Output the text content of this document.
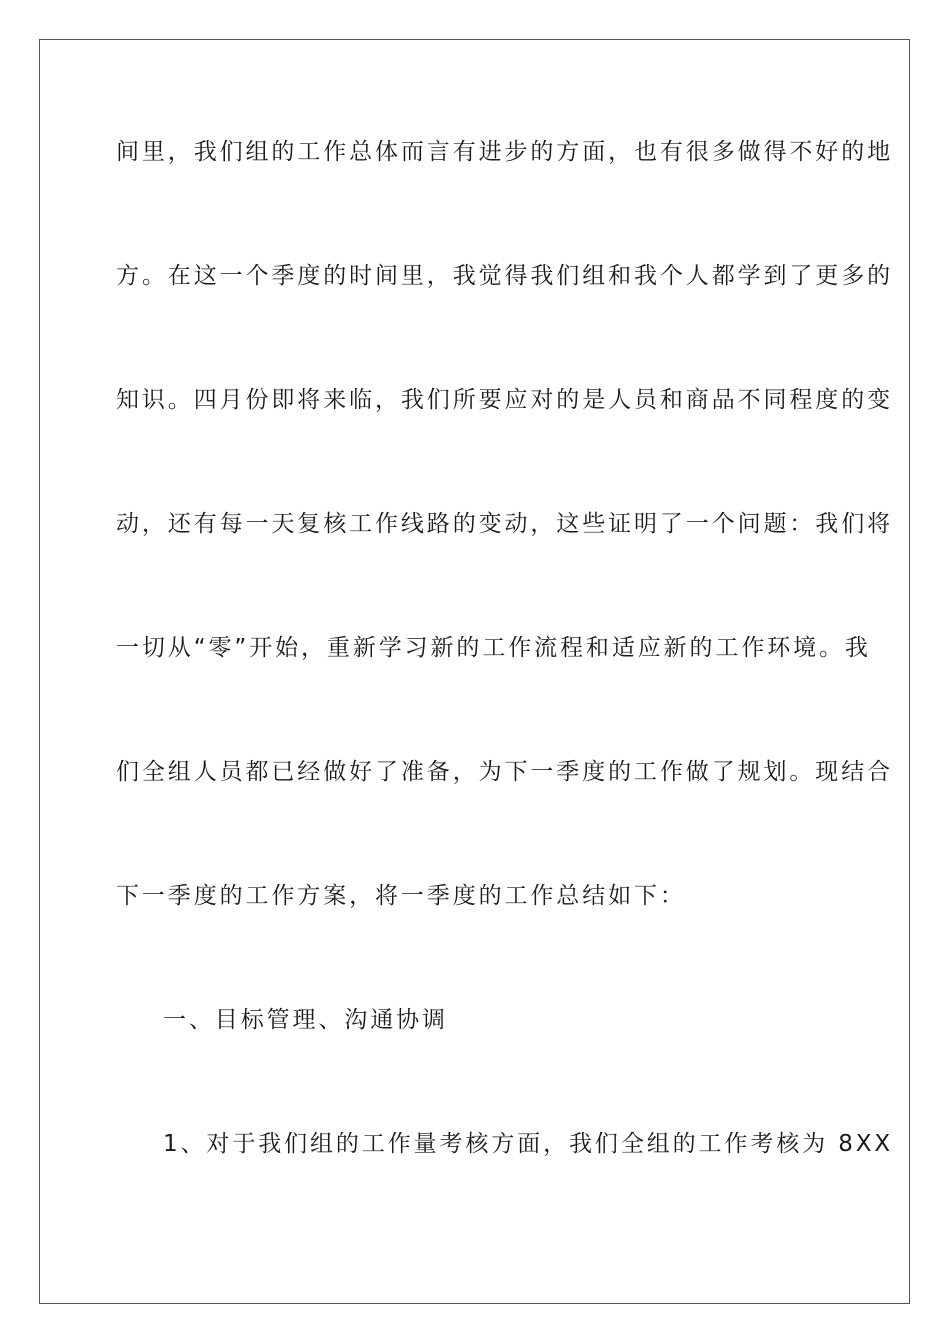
间里，我们组的工作总体而言有进步的方面，也有很多做得不好的地
方。在这一个季度的时间里，我觉得我们组和我个人都学到了更多的
知识。四月份即将来临，我们所要应对的是人员和商品不同程度的变
动，还有每一天复核工作线路的变动，这些证明了一个问题：我们将
一切从“零”开始，重新学习新的工作流程和适应新的工作环境。我
们全组人员都已经做好了准备，为下一季度的工作做了规划。现结合
下一季度的工作方案，将一季度的工作总结如下：
一、目标管理、沟通协调
1、对于我们组的工作量考核方面，我们全组的工作考核为 8XX
